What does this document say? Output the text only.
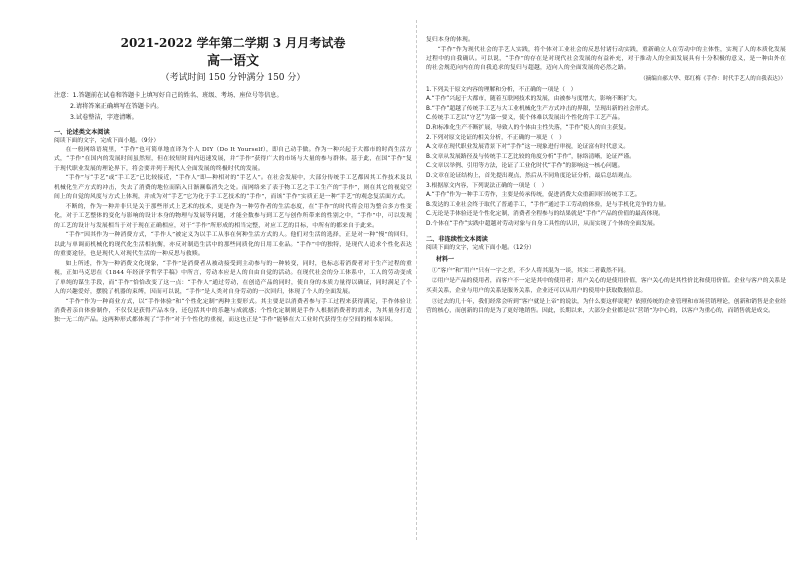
2021-2022 学年第二学期 3 月月考试卷
高一语文
（考试时间 150 分钟满分 150 分）
注意： 1.答题前在试卷和答题卡上填写好自己的姓名、班级、考场、座位号等信息。
2.请将答案正确填写在答题卡内。
3.试卷整洁，字迹清晰。
一、论述类文本阅读
阅读下面的文字，完成下面小题。（9分）

在一般网络语境里，“手作”也可简单地直译为个人 DIY（Do It Yourself），即自己动手做。作为一种兴起于大都市的时尚生活方式，“手作”在国内的发展时间虽然短，但在较短时间内迅速发展，并“手作”获得广大的市场与大量的参与群体。基于此，在国“手作”复于现代职业发展的理论界下，将会要并列于现代人全面发展的终极时代的发展。

“手作”与“手艺”或“手工艺”已比较接近，“手作人”即—种相对的“手艺人”。在社会发展中，大部分传统手工艺都因其工作技术及以机械化生产方式的冲击，失去了消费的地位而陷入日渐濒临消失之处。而网络来了表于物工艺之手工生产的“手作”，则在其它的视觉空间上的自觉的风度与方式上体现，并成为对“手艺”它为化于手工艺技术的“手作”，而该“手作”实质正是一种“手艺”的观念复活面方式。

不断的，作为一种并非只是关于那些形式上艺术的技术，更是作为一种劳作者的生活态度，在“手作”的时代将会用为整合多方性变化，对于工艺整体的变化与影响的设计本身的物理与发展等问题，才能全数参与到工艺与创作所带来的性别之中，“手作”中，可以发现的工艺的设计与发展相当于对于现在正确相应，对于“手作”所形成的相当完整，对应工艺的目标，中所有的都来自于此来。

“手作”因其作为一种消费方式，“手作人”被定义为以手工从事在何种生活方式的人。他们对生活的选择，正是对一种“慢”的回归，以此与单调而机械化的现代化生活相抗衡，亦反对制造生活中的那些同质化的日用工业品。“手作”中的独特，是现代人追求个性化表达的重要途径，也是现代人对现代生活的一种反思与救赎。

如上所述，作为一种消费文化现象，“手作”是消费者从被动接受到主动参与的一种转变，同时，也标志着消费者对于生产过程的重视，正如马克思在《1844 年经济学哲学手稿》中所言，劳动本应是人的自由自觉的活动。在现代社会的分工体系中，工人的劳动变成了单纯的谋生手段，而“手作”恰恰改变了这一点：“手作人”通过劳动，在创造产品的同时，使自身的本质力量得以确证，同时满足了个人的兴趣爱好，摆脱了机器的束缚，因而可以说，“手作”是人类对自身劳动的一次回归，体现了个人的全面发展。

“手作”作为一种商业方式，以“手作体验”和“个性化定制”两种主要形式。其主要是以消费者参与手工过程来获得满足，手作体验让消费者亲自体验制作，不仅仅是获得产品本身，还包括其中的乐趣与成就感；个性化定制则是手作人根据消费者的需求，为其量身打造独一无二的产品。这两种形式都体现了“手作”对于个性化的重视，而这也正是“手作”能够在大工业时代获得生存空间的根本原因。

复归本身的体现。

“手作”作为现代社会的手艺人实践，将个体对工业社会的反思付诸行动实践，重新确立人在劳动中的主体性，实现了人的本质化发展过程中的自我确认。可以说，“手作”的存在是对现代社会发展的有益补充，对于推动人的全面发展具有十分积极的意义，是一种由外在的社会规范向内在的自我追求的复归与超越，迈向人的全面发展的必然之路。

（摘编自郝大华、郑红梅《手作：时代手艺人的自我表达》）
1.下列关于原文内容的理解和分析，不正确的一项是（　）
A.“手作”兴起于大都市，随着互联网技术的发展，由被参与度增大，影响不断扩大。
B.“手作”超越了传统手工艺与大工业机械化生产方式冲击的界限，呈现出新的社会形式。
C.传统手工艺以“守艺”为第一要义，使个体难以发展出个性化的手工艺产品。
D.和标准化生产不断扩展，导致人的个体由主性失落，“手作”使人的自主获复。
2.下列对原文论证的相关分析，不正确的一项是（　）
A.文章在现代职业发展背景下对“手作”这一现象进行审视，论证富有时代意义。
B.文章从发展路径及与传统手工艺比较的角度分析“手作”，脉络清晰，论证严谨。
C.文章以举例、引用等方法，论证了工业化时代“手作”的影响这一核心问题。
D.文章在论证结构上，首先提出观点，然后从不同角度论证分析，最后总结观点。
3.根据原文内容，下列说法正确的一项是（　）
A.“手作”作为一种手工劳作，主要是传承传统，促进消费大众重新回归传统手工艺。
B.发达的工业社会终于取代了普通手工，“手作”通过手工劳动的体验，是与手机化竞争的力量。
C.无论是手体验还是个性化定制，消费者全程参与的结果就是“手作”产品的价值的最高体现。
D.个体在“手作”实践中超越对劳动对象与自身工具性的认识，从而实现了个体的全面发展。
二、非连续性文本阅读
阅读下面的文字，完成下面小题。（12分）
材料一

①“客户”和“用户”只有一字之差，不少人将其混为一谈，其实二者截然不同。

②用户是产品的使用者，而客户不一定是其中的使用者；用户关心的是使用价值，客户关心的是其性价比和使用价值。企业与客户的关系是买卖关系，企业与用户的关系是服务关系，企业还可以从用户的使用中获取数据信息。

③过去的几十年，我们经常会听到“客户就是上帝”的说法，为什么要这样说呢？依照传统的企业管理和市场营销理论，创新和销售是企业经营的核心，而创新的目的是为了更好地销售。因此，长期以来，大部分企业都是以“营销”为中心的，以客户为重心的，而销售就是成交。
